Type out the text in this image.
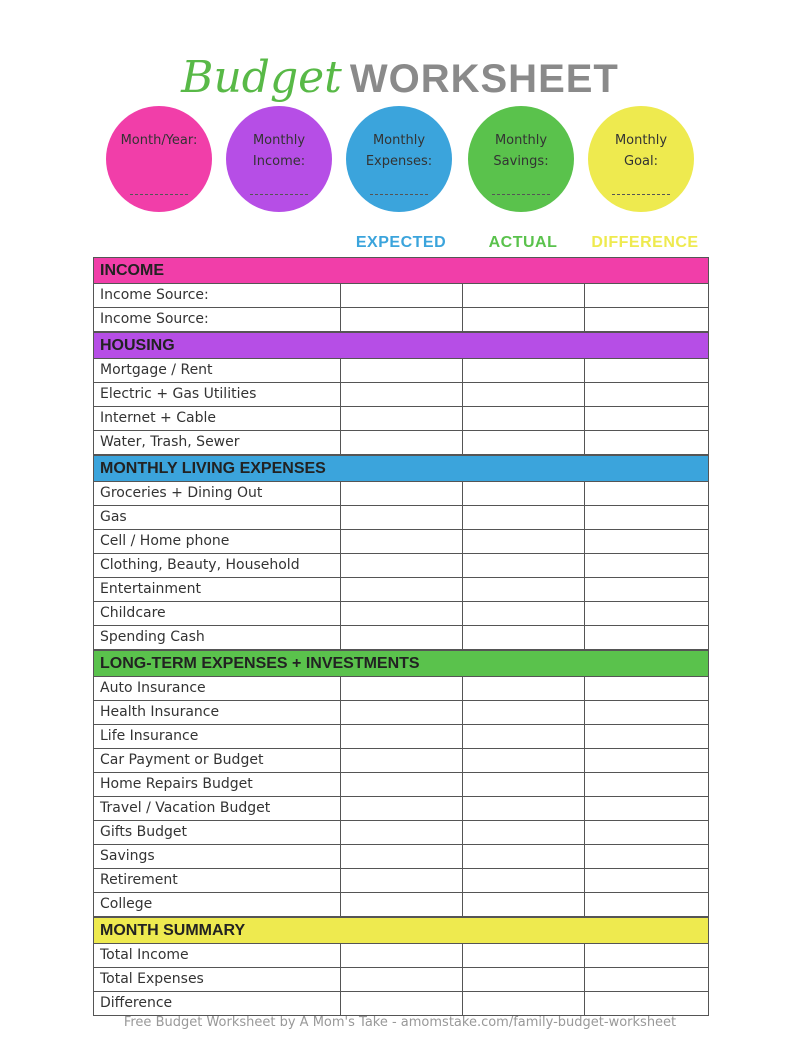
Budget WORKSHEET
Month/Year:	Monthly
Income:
Monthly
Expenses:
Monthly
Savings:
Monthly
Goal:
EXPECTED	ACTUAL	DIFFERENCE
INCOME
Income Source:
Income Source:
HOUSING
Mortgage / Rent
Electric + Gas Utilities
Internet + Cable
Water, Trash, Sewer
MONTHLY LIVING EXPENSES
Groceries + Dining Out
Gas
Cell / Home phone
Clothing, Beauty, Household
Entertainment
Childcare
Spending Cash
LONG-TERM EXPENSES + INVESTMENTS
Auto Insurance
Health Insurance
Life Insurance
Car Payment or Budget
Home Repairs Budget
Travel / Vacation Budget
Gifts Budget
Savings
Retirement
College
MONTH SUMMARY
Total Income
Total Expenses
Difference
Free Budget Worksheet by A Mom's Take - amomstake.com/family-budget-worksheet
